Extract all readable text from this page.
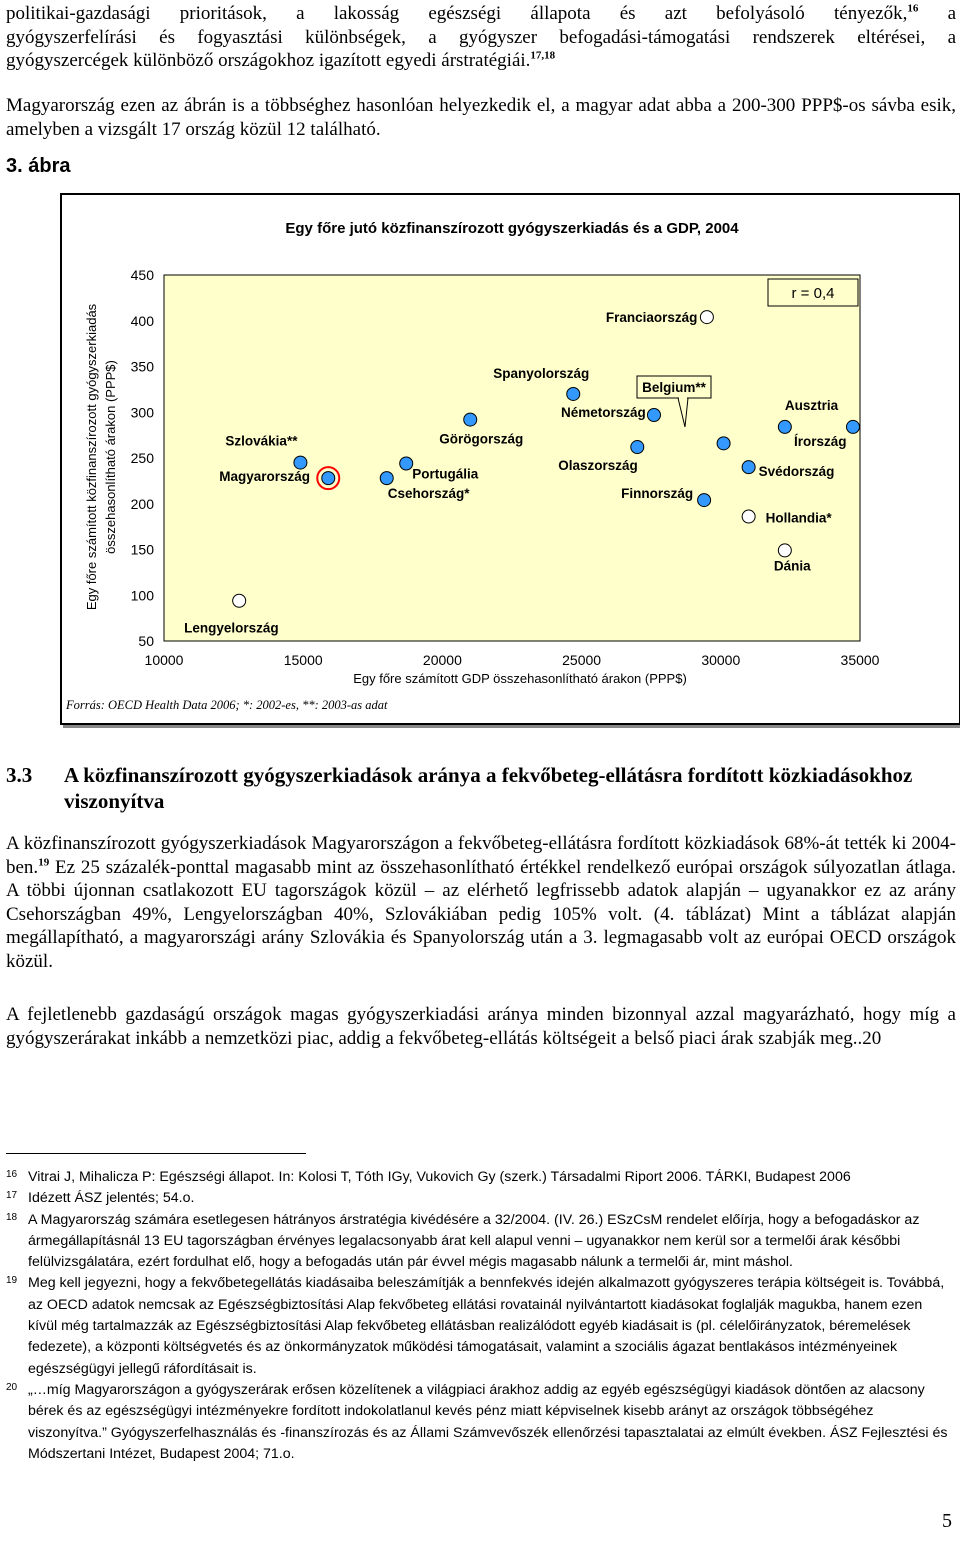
politikai-gazdasági prioritások, a lakosság egészségi állapota és azt befolyásoló tényezők,$^{16}$ a
gyógyszerfelírási és fogyasztási különbségek, a gyógyszer befogadási-támogatási rendszerek eltérései, a
gyógyszercégek különböző országokhoz igazított egyedi árstratégiái.$^{17,18}$
Magyarország ezen az ábrán is a többséghez hasonlóan helyezkedik el, a magyar adat abba a 200-300 PPP$-os sávba esik, amelyben a vizsgált 17 ország közül 12 található.
3. ábra
Egy főre jutó közfinanszírozott gyógyszerkiadás és a GDP, 2004
50
100
150
200
250
300
350
400
450
10000	15000	20000	25000	30000	35000
Egy főre számított közfinanszírozott gyógyszerkiadás összehasonlítható árakon (PPP$)
Egy főre számított GDP összehasonlítható árakon (PPP$)
r = 0,4
Lengyelország
Magyarország
Szlovákia**
Csehország*
Portugália
Görögország
Spanyolország
Németország
Olaszország
Finnország
Belgium**
Svédország
Ausztria
Írország
Franciaország
Hollandia*
Dánia
Forrás: OECD Health Data 2006; *: 2002-es, **: 2003-as adat
3.3 A közfinanszírozott gyógyszerkiadások aránya a fekvőbeteg-ellátásra fordított közkiadásokhoz viszonyítva
A közfinanszírozott gyógyszerkiadások Magyarországon a fekvőbeteg-ellátásra fordított közkiadások 68%-át tették ki 2004-ben.$^{19}$ Ez 25 százalék-ponttal magasabb mint az összehasonlítható értékkel rendelkező európai országok súlyozatlan átlaga. A többi újonnan csatlakozott EU tagországok közül – az elérhető legfrissebb adatok alapján – ugyanakkor ez az arány Csehországban 49%, Lengyelországban 40%, Szlovákiában pedig 105% volt. (4. táblázat) Mint a táblázat alapján megállapítható, a magyarországi arány Szlovákia és Spanyolország után a 3. legmagasabb volt az európai OECD országok közül.
A fejletlenebb gazdaságú országok magas gyógyszerkiadási aránya minden bizonnyal azzal magyarázható, hogy míg a gyógyszerárakat inkább a nemzetközi piac, addig a fekvőbeteg-ellátás költségeit a belső piaci árak szabják meg..20
16 Vitrai J, Mihalicza P: Egészségi állapot. In: Kolosi T, Tóth IGy, Vukovich Gy (szerk.) Társadalmi Riport 2006. TÁRKI, Budapest 2006
17 Idézett ÁSZ jelentés; 54.o.
18 A Magyarország számára esetlegesen hátrányos árstratégia kivédésére a 32/2004. (IV. 26.) ESzCsM rendelet előírja, hogy a befogadáskor az ármegállapításnál 13 EU tagországban érvényes legalacsonyabb árat kell alapul venni – ugyanakkor nem kerül sor a termelői árak későbbi felülvizsgálatára, ezért fordulhat elő, hogy a befogadás után pár évvel mégis magasabb nálunk a termelői ár, mint máshol.
19 Meg kell jegyezni, hogy a fekvőbetegellátás kiadásaiba beleszámítják a bennfekvés idején alkalmazott gyógyszeres terápia költségeit is. Továbbá, az OECD adatok nemcsak az Egészségbiztosítási Alap fekvőbeteg ellátási rovatainál nyilvántartott kiadásokat foglalják magukba, hanem ezen kívül még tartalmazzák az Egészségbiztosítási Alap fekvőbeteg ellátásban realizálódott egyéb kiadásait is (pl. célelőirányzatok, béremelések fedezete), a központi költségvetés és az önkormányzatok működési támogatásait, valamint a szociális ágazat bentlakásos intézményeinek egészségügyi jellegű ráfordításait is.
20 „…míg Magyarországon a gyógyszerárak erősen közelítenek a világpiaci árakhoz addig az egyéb egészségügyi kiadások döntően az alacsony bérek és az egészségügyi intézményekre fordított indokolatlanul kevés pénz miatt képviselnek kisebb arányt az országok többségéhez viszonyítva.” Gyógyszerfelhasználás és -finanszírozás és az Állami Számvevőszék ellenőrzési tapasztalatai az elmúlt években. ÁSZ Fejlesztési és Módszertani Intézet, Budapest 2004; 71.o.
5
